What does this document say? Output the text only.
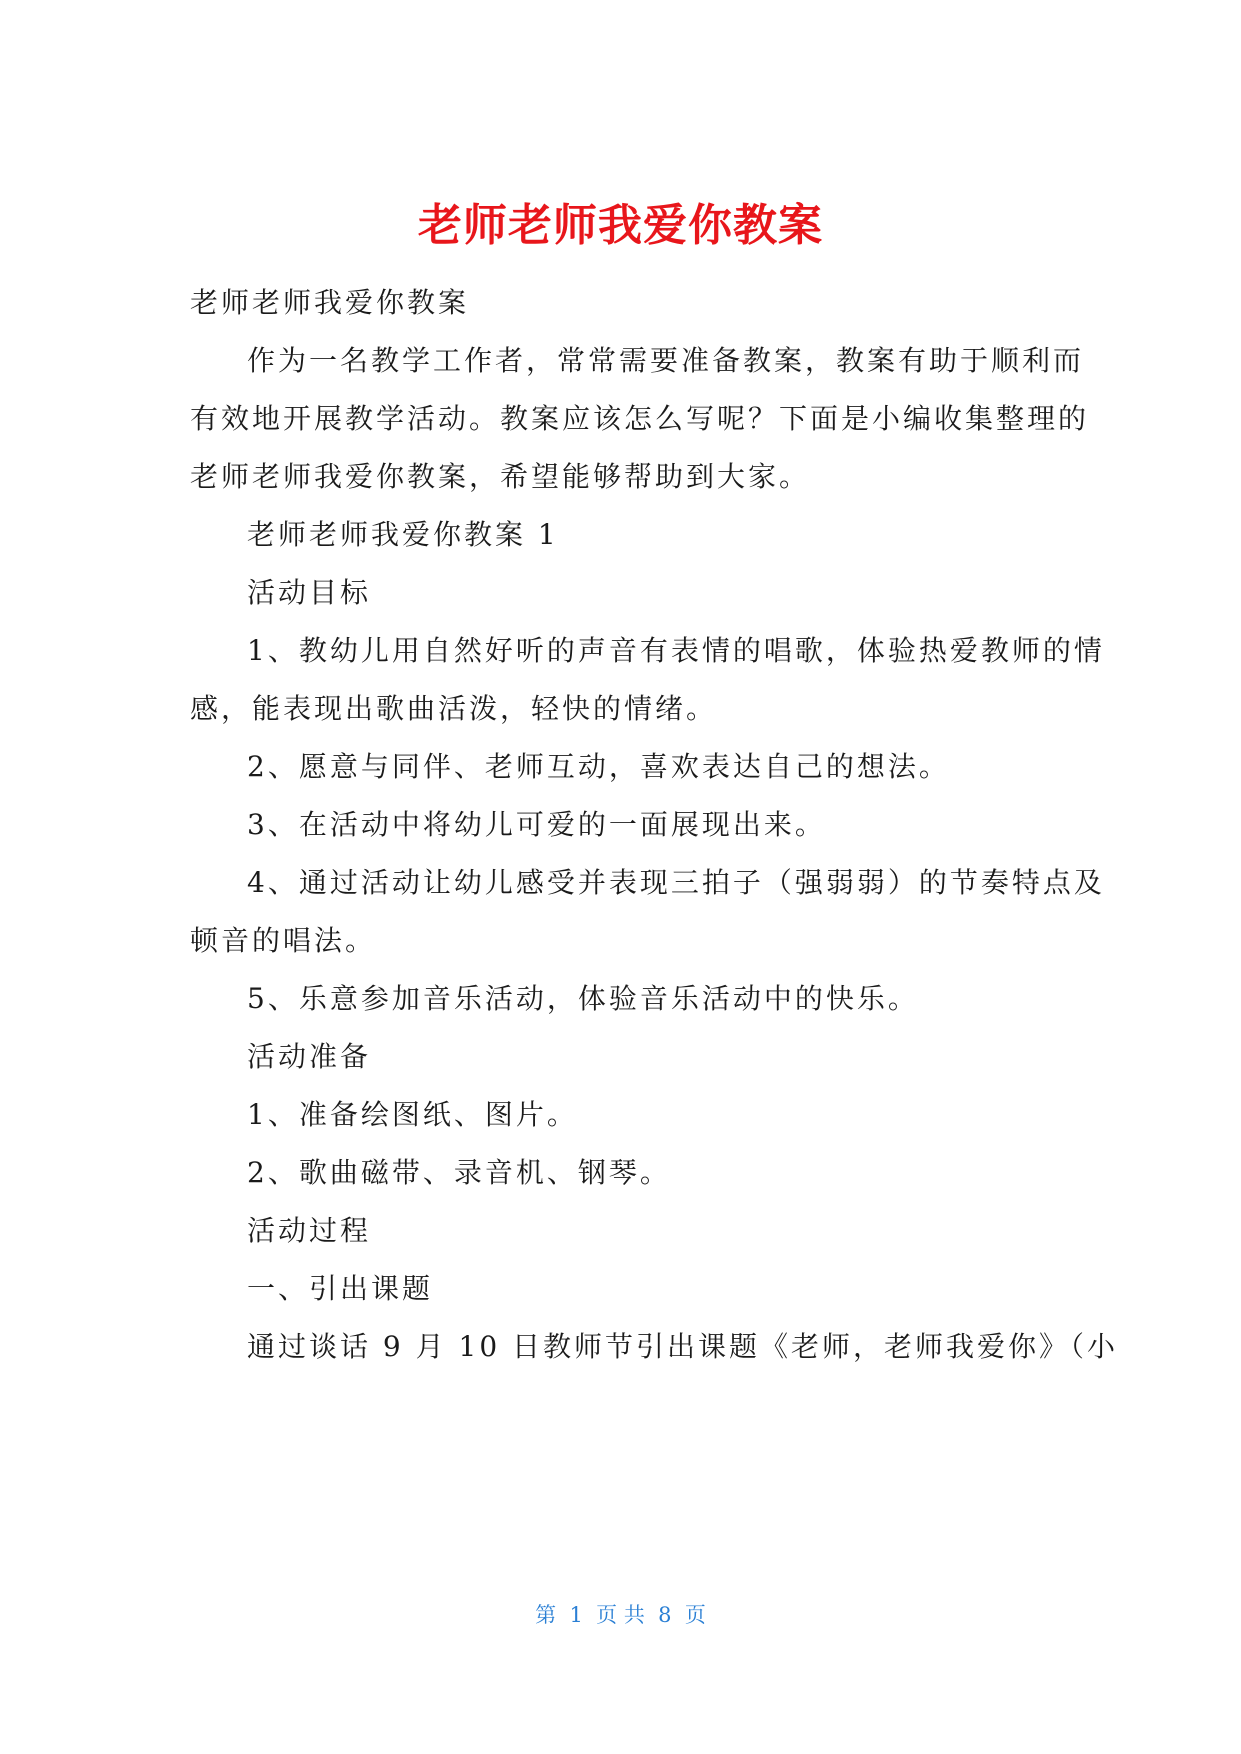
老师老师我爱你教案
老师老师我爱你教案
作为一名教学工作者，常常需要准备教案，教案有助于顺利而
有效地开展教学活动。教案应该怎么写呢？下面是小编收集整理的
老师老师我爱你教案，希望能够帮助到大家。
老师老师我爱你教案 1
活动目标
1、教幼儿用自然好听的声音有表情的唱歌，体验热爱教师的情
感，能表现出歌曲活泼，轻快的情绪。
2、愿意与同伴、老师互动，喜欢表达自己的想法。
3、在活动中将幼儿可爱的一面展现出来。
4、通过活动让幼儿感受并表现三拍子（强弱弱）的节奏特点及
顿音的唱法。
5、乐意参加音乐活动，体验音乐活动中的快乐。
活动准备
1、准备绘图纸、图片。
2、歌曲磁带、录音机、钢琴。
活动过程
一、引出课题
通过谈话 9 月 10 日教师节引出课题《老师，老师我爱你》（小
第  1  页 共  8  页
